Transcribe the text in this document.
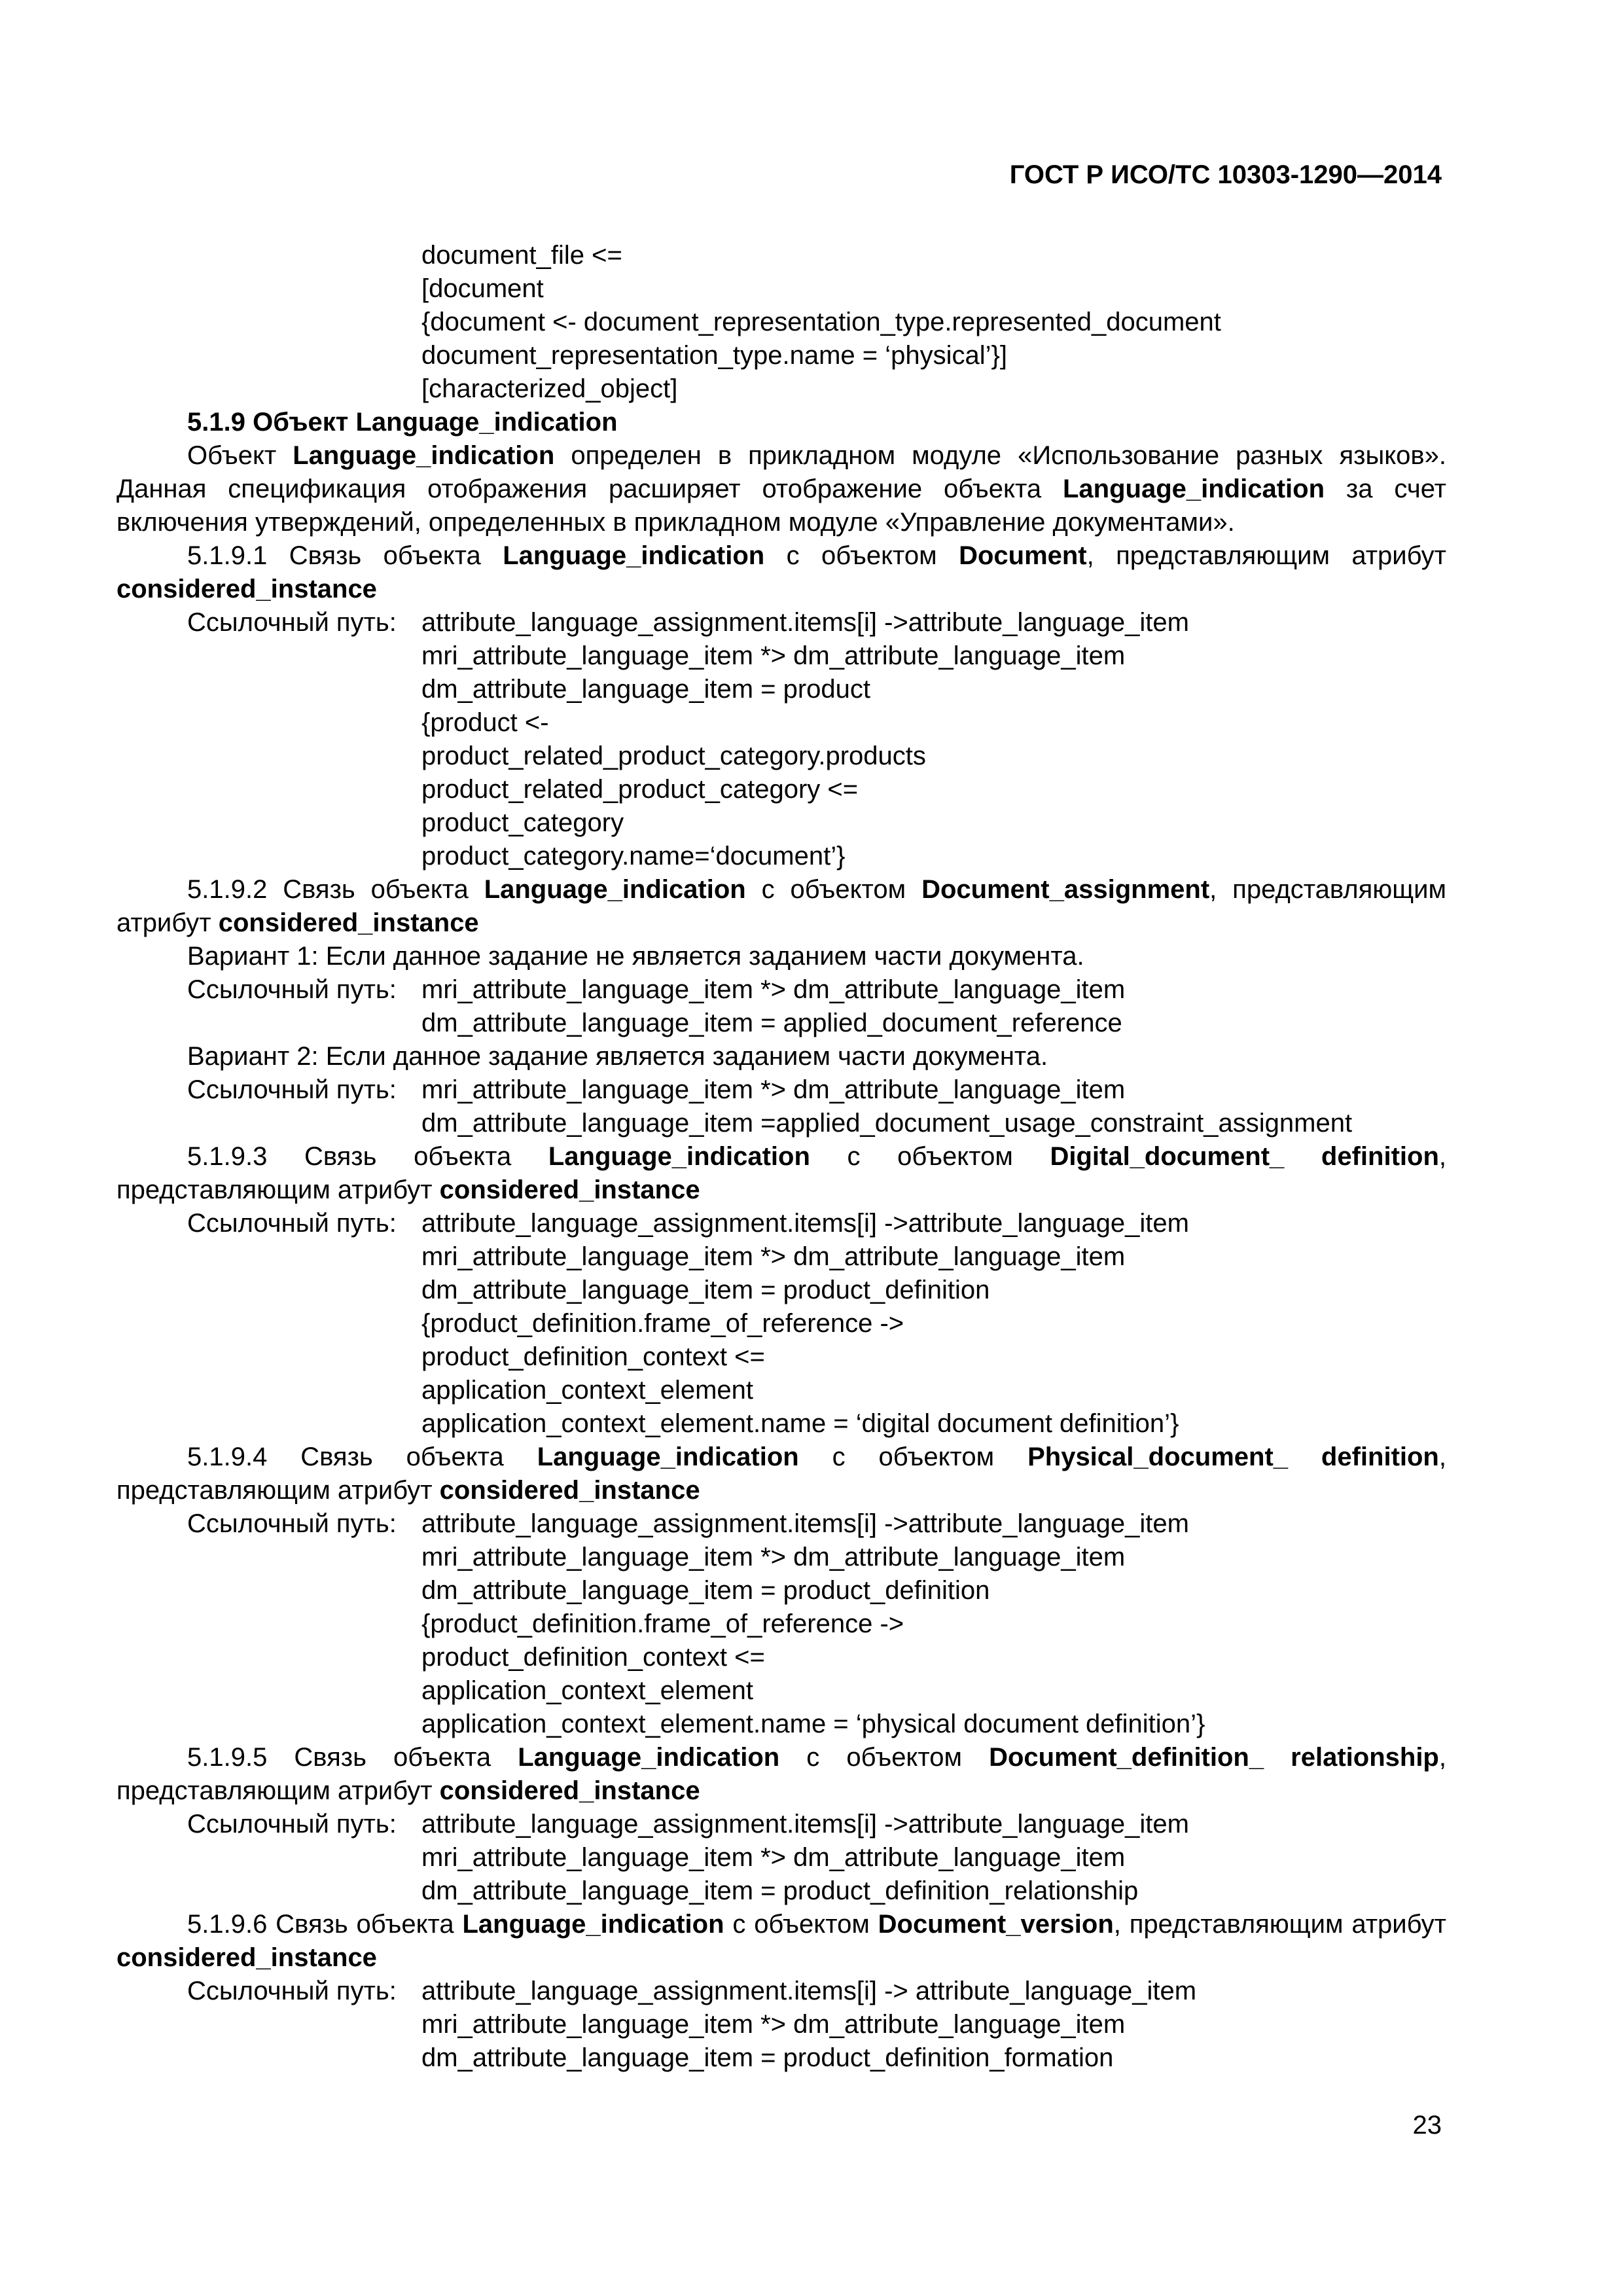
ГОСТ Р ИСО/ТС 10303-1290—2014
document_file <=
[document
{document <- document_representation_type.represented_document
document_representation_type.name = ‘physical’}]
[characterized_object]
5.1.9 Объект Language_indication
Объект Language_indication определен в прикладном модуле «Использование разных языков». Данная спецификация отображения расширяет отображение объекта Language_indication за счет включения утверждений, определенных в прикладном модуле «Управление документами».
5.1.9.1 Связь объекта Language_indication с объектом Document, представляющим атрибут considered_instance
Ссылочный путь: attribute_language_assignment.items[i] ->attribute_language_item
mri_attribute_language_item *> dm_attribute_language_item
dm_attribute_language_item = product
{product <-
product_related_product_category.products
product_related_product_category <=
product_category
product_category.name=‘document’}
5.1.9.2 Связь объекта Language_indication с объектом Document_assignment, представляющим атрибут considered_instance
Вариант 1: Если данное задание не является заданием части документа.
Ссылочный путь: mri_attribute_language_item *> dm_attribute_language_item
dm_attribute_language_item = applied_document_reference
Вариант 2: Если данное задание является заданием части документа.
Ссылочный путь: mri_attribute_language_item *> dm_attribute_language_item
dm_attribute_language_item =applied_document_usage_constraint_assignment
5.1.9.3 Связь объекта Language_indication с объектом Digital_document_ definition, представляющим атрибут considered_instance
Ссылочный путь: attribute_language_assignment.items[i] ->attribute_language_item
mri_attribute_language_item *> dm_attribute_language_item
dm_attribute_language_item = product_definition
{product_definition.frame_of_reference ->
product_definition_context <=
application_context_element
application_context_element.name = ‘digital document definition’}
5.1.9.4 Связь объекта Language_indication с объектом Physical_document_ definition, представляющим атрибут considered_instance
Ссылочный путь: attribute_language_assignment.items[i] ->attribute_language_item
mri_attribute_language_item *> dm_attribute_language_item
dm_attribute_language_item = product_definition
{product_definition.frame_of_reference ->
product_definition_context <=
application_context_element
application_context_element.name = ‘physical document definition’}
5.1.9.5 Связь объекта Language_indication с объектом Document_definition_ relationship, представляющим атрибут considered_instance
Ссылочный путь: attribute_language_assignment.items[i] ->attribute_language_item
mri_attribute_language_item *> dm_attribute_language_item
dm_attribute_language_item = product_definition_relationship
5.1.9.6 Связь объекта Language_indication с объектом Document_version, представляющим атрибут considered_instance
Ссылочный путь: attribute_language_assignment.items[i] -> attribute_language_item
mri_attribute_language_item *> dm_attribute_language_item
dm_attribute_language_item = product_definition_formation
23
